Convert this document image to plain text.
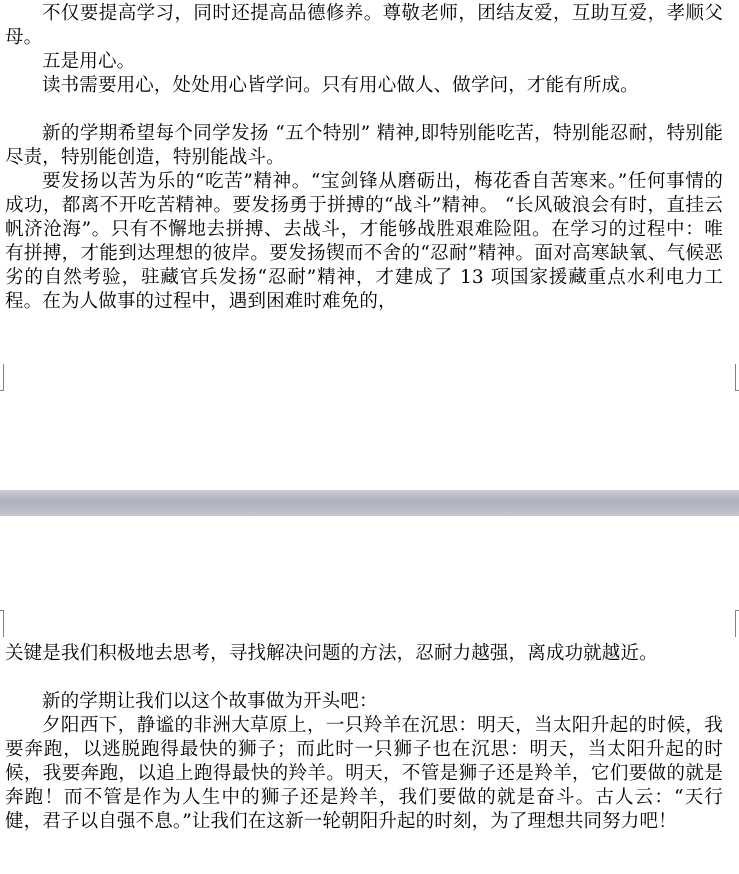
不仅要提高学习，同时还提高品德修养。尊敬老师，团结友爱，互助互爱，孝顺父母。

五是用心。

读书需要用心，处处用心皆学问。只有用心做人、做学问，才能有所成。

新的学期希望每个同学发扬 “五个特别” 精神,即特别能吃苦，特别能忍耐，特别能尽责，特别能创造，特别能战斗。

要发扬以苦为乐的“吃苦”精神。“宝剑锋从磨砺出，梅花香自苦寒来。”任何事情的成功，都离不开吃苦精神。要发扬勇于拼搏的“战斗”精神。 “长风破浪会有时，直挂云帆济沧海”。只有不懈地去拼搏、去战斗，才能够战胜艰难险阻。在学习的过程中：唯有拼搏，才能到达理想的彼岸。要发扬锲而不舍的“忍耐”精神。面对高寒缺氧、气候恶劣的自然考验，驻藏官兵发扬“忍耐”精神，才建成了 13 项国家援藏重点水利电力工程。在为人做事的过程中，遇到困难时难免的，

关键是我们积极地去思考，寻找解决问题的方法，忍耐力越强，离成功就越近。

新的学期让我们以这个故事做为开头吧：

夕阳西下，静谧的非洲大草原上，一只羚羊在沉思：明天，当太阳升起的时候，我要奔跑，以逃脱跑得最快的狮子；而此时一只狮子也在沉思：明天，当太阳升起的时候，我要奔跑，以追上跑得最快的羚羊。明天，不管是狮子还是羚羊，它们要做的就是奔跑！而不管是作为人生中的狮子还是羚羊，我们要做的就是奋斗。古人云：“天行健，君子以自强不息。”让我们在这新一轮朝阳升起的时刻，为了理想共同努力吧！
